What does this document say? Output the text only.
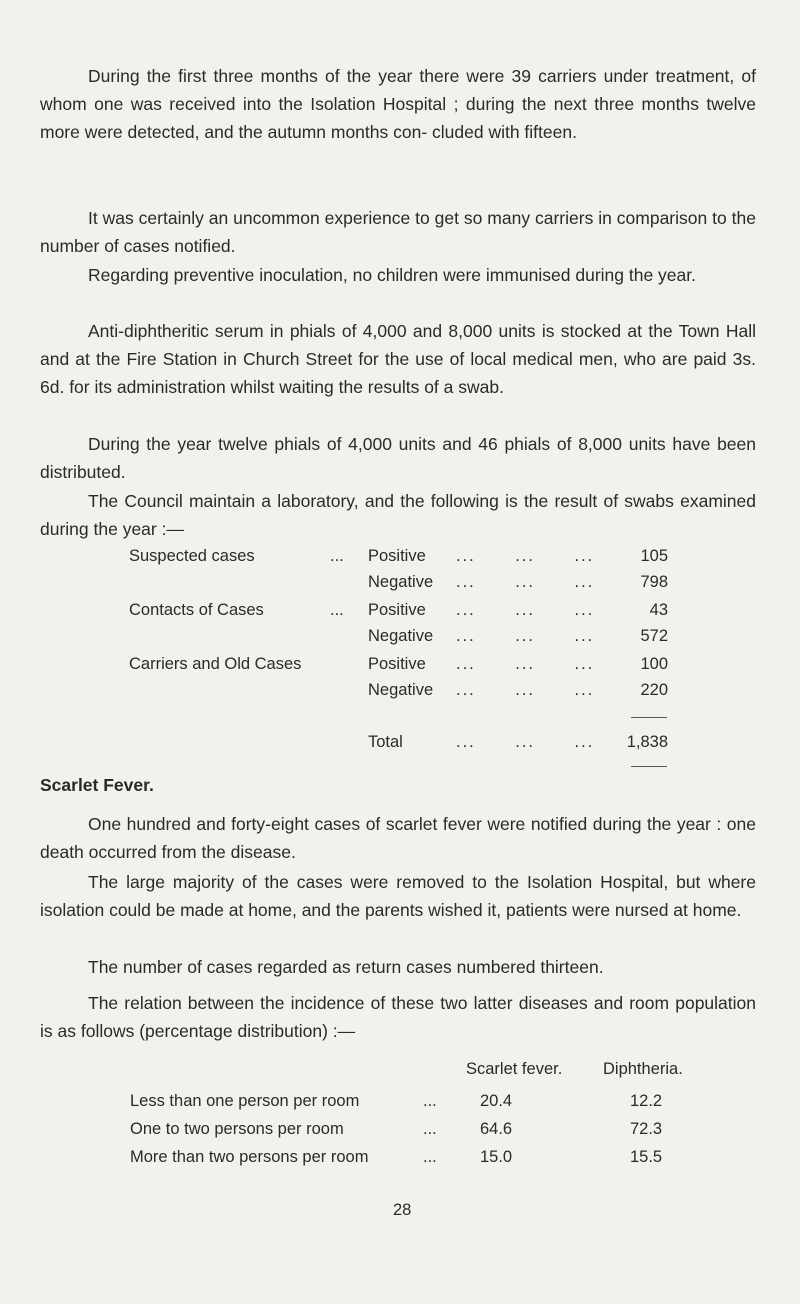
During the first three months of the year there were 39 carriers under treatment, of whom one was received into the Isolation Hospital ; during the next three months twelve more were detected, and the autumn months con- cluded with fifteen.

It was certainly an uncommon experience to get so many carriers in comparison to the number of cases notified.

Regarding preventive inoculation, no children were immunised during the year.

Anti-diphtheritic serum in phials of 4,000 and 8,000 units is stocked at the Town Hall and at the Fire Station in Church Street for the use of local medical men, who are paid 3s. 6d. for its administration whilst waiting the results of a swab.

During the year twelve phials of 4,000 units and 46 phials of 8,000 units have been distributed.

The Council maintain a laboratory, and the following is the result of swabs examined during the year :—

Suspected cases	... Positive ...      ...      ...	105
Negative ...      ...      ...	798
Contacts of Cases	... Positive ...      ...      ...	43
Negative ...      ...      ...	572
Carriers and Old Cases	Positive ...      ...      ...	100
Negative ...      ...      ...	220
Total	...      ...      ... 1,838

Scarlet Fever.

One hundred and forty-eight cases of scarlet fever were notified during the year : one death occurred from the disease.

The large majority of the cases were removed to the Isolation Hospital, but where isolation could be made at home, and the parents wished it, patients were nursed at home.

The number of cases regarded as return cases numbered thirteen.

The relation between the incidence of these two latter diseases and room population is as follows (percentage distribution) :—

Scarlet fever. Diphtheria.
Less than one person per room	...	20.4	12.2
One to two persons per room	...	64.6	72.3
More than two persons per room	...	15.0	15.5
28
